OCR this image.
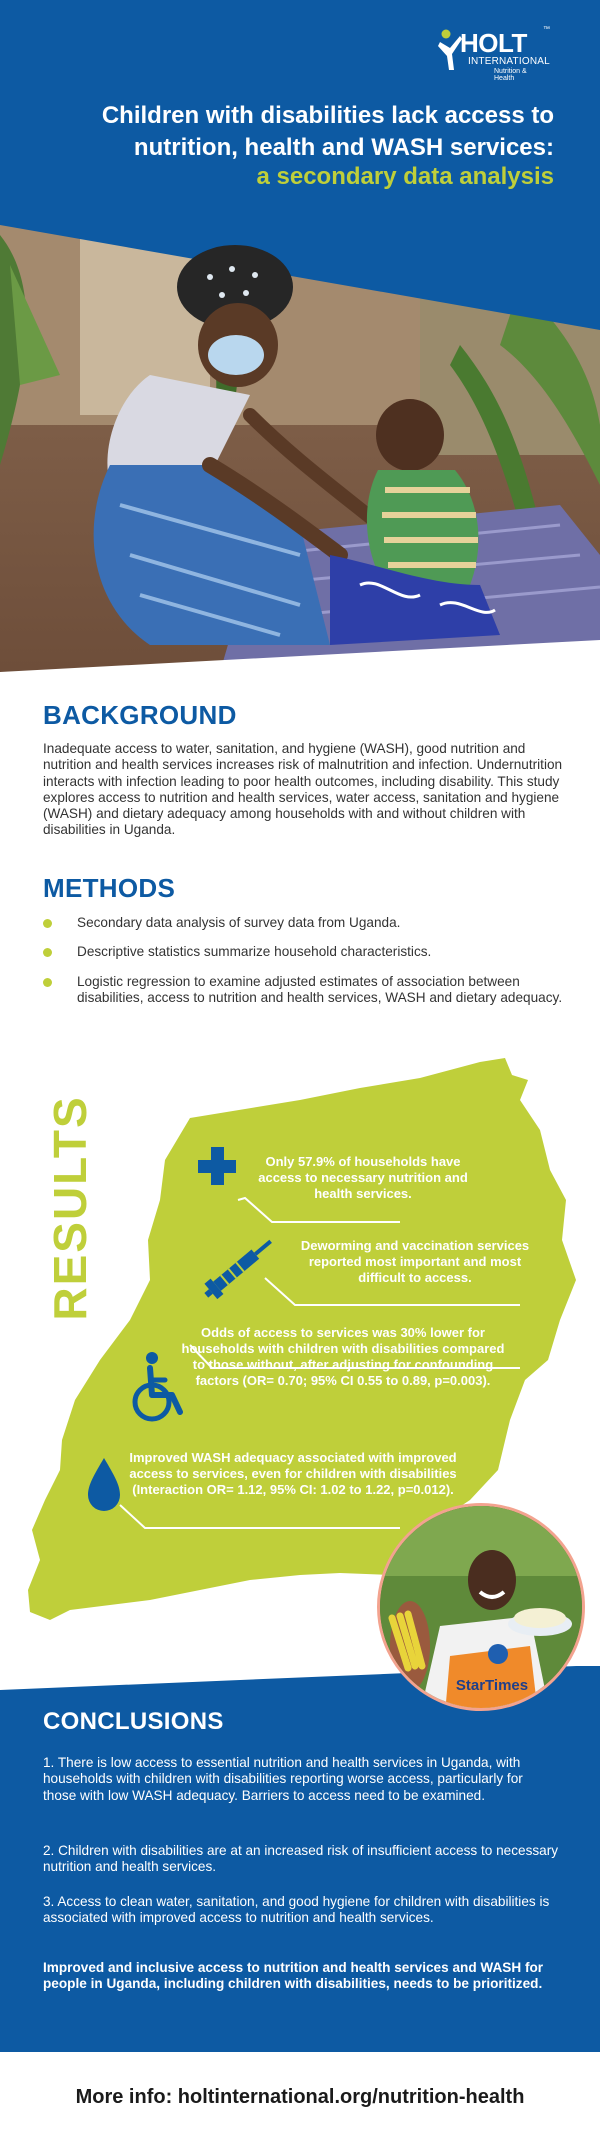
HOLT ™
INTERNATIONAL
Nutrition & Health
Children with disabilities lack access to
nutrition, health and WASH services:
a secondary data analysis
BACKGROUND
Inadequate access to water, sanitation, and hygiene (WASH), good nutrition and nutrition and health services increases risk of malnutrition and infection. Undernutrition interacts with infection leading to poor health outcomes, including disability. This study explores access to nutrition and health services, water access, sanitation and hygiene (WASH) and dietary adequacy among households with and without children with disabilities in Uganda.
METHODS
Secondary data analysis of survey data from Uganda.
Descriptive statistics summarize household characteristics.
Logistic regression to examine adjusted estimates of association between disabilities, access to nutrition and health services, WASH and dietary adequacy.
RESULTS	Only 57.9% of households have access to necessary nutrition and health services.
Deworming and vaccination services reported most important and most difficult to access.
Odds of access to services was 30% lower for households with children with disabilities compared to those without, after adjusting for confounding factors (OR= 0.70; 95% CI 0.55 to 0.89, p=0.003).
Improved WASH adequacy associated with improved access to services, even for children with disabilities (Interaction OR= 1.12, 95% CI: 1.02 to 1.22, p=0.012).
CONCLUSIONS
1. There is low access to essential nutrition and health services in Uganda, with households with children with disabilities reporting worse access, particularly for those with low WASH adequacy. Barriers to access need to be examined.
2. Children with disabilities are at an increased risk of insufficient access to necessary nutrition and health services.
3. Access to clean water, sanitation, and good hygiene for children with disabilities is associated with improved access to nutrition and health services.
Improved and inclusive access to nutrition and health services and WASH for people in Uganda, including children with disabilities, needs to be prioritized.
StarTimes
More info: holtinternational.org/nutrition-health
